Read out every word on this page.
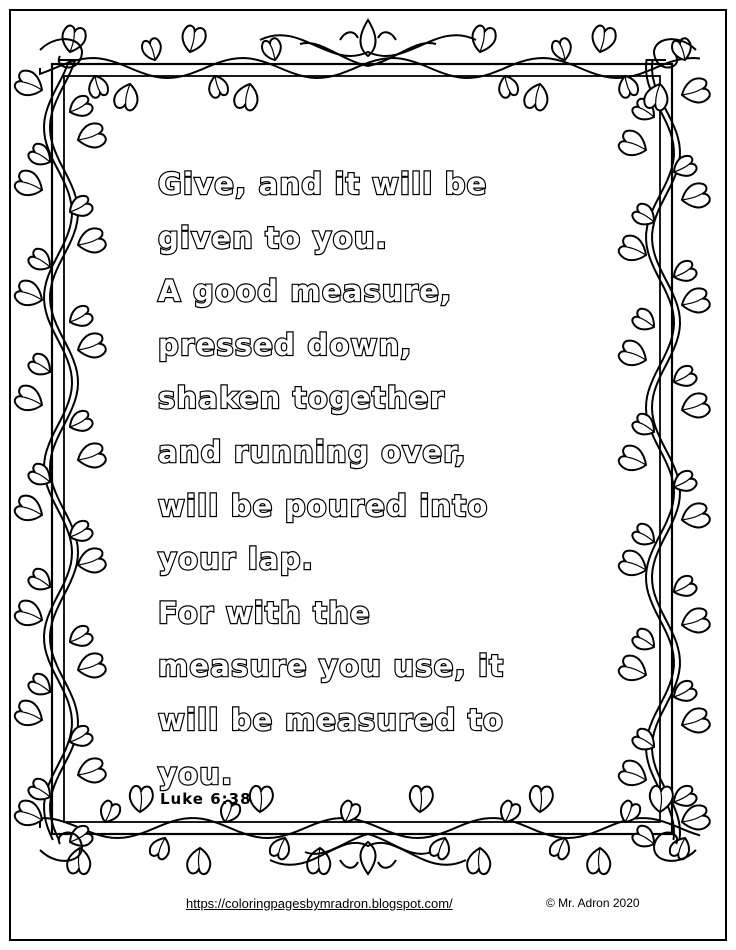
Give, and it will be
given to you.
A good measure,
pressed down,
shaken together
and running over,
will be poured into
your lap.
For with the
measure you use, it
will be measured to
you.
Luke 6:38
https://coloringpagesbymradron.blogspot.com/	© Mr. Adron 2020
